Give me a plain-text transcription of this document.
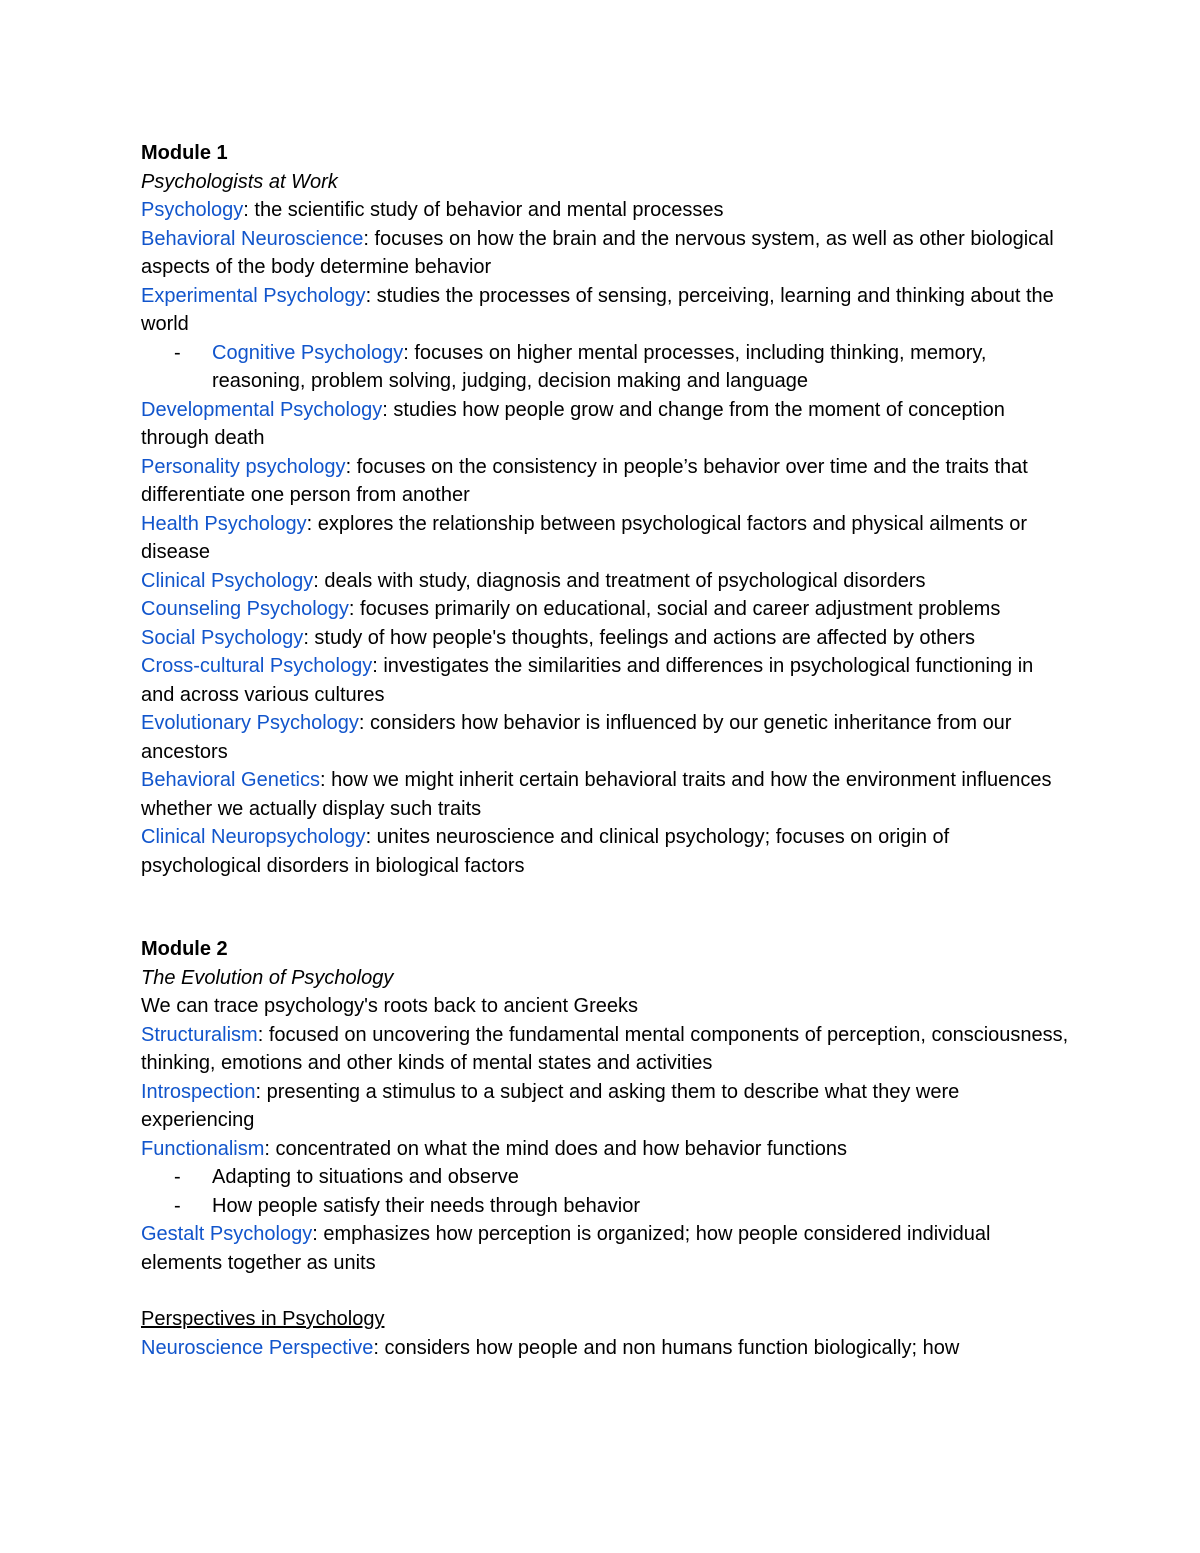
Module 1

Psychologists at Work

Psychology: the scientific study of behavior and mental processes

Behavioral Neuroscience: focuses on how the brain and the nervous system, as well as other biological aspects of the body determine behavior

Experimental Psychology: studies the processes of sensing, perceiving, learning and thinking about the world

- Cognitive Psychology: focuses on higher mental processes, including thinking, memory, reasoning, problem solving, judging, decision making and language

Developmental Psychology: studies how people grow and change from the moment of conception through death

Personality psychology: focuses on the consistency in people’s behavior over time and the traits that differentiate one person from another

Health Psychology: explores the relationship between psychological factors and physical ailments or disease

Clinical Psychology: deals with study, diagnosis and treatment of psychological disorders

Counseling Psychology: focuses primarily on educational, social and career adjustment problems

Social Psychology: study of how people's thoughts, feelings and actions are affected by others

Cross-cultural Psychology: investigates the similarities and differences in psychological functioning in and across various cultures

Evolutionary Psychology: considers how behavior is influenced by our genetic inheritance from our ancestors

Behavioral Genetics: how we might inherit certain behavioral traits and how the environment influences whether we actually display such traits

Clinical Neuropsychology: unites neuroscience and clinical psychology; focuses on origin of psychological disorders in biological factors

Module 2

The Evolution of Psychology

We can trace psychology's roots back to ancient Greeks

Structuralism: focused on uncovering the fundamental mental components of perception, consciousness, thinking, emotions and other kinds of mental states and activities

Introspection: presenting a stimulus to a subject and asking them to describe what they were experiencing

Functionalism: concentrated on what the mind does and how behavior functions

- Adapting to situations and observe

- How people satisfy their needs through behavior

Gestalt Psychology: emphasizes how perception is organized; how people considered individual elements together as units

Perspectives in Psychology

Neuroscience Perspective: considers how people and non humans function biologically; how
